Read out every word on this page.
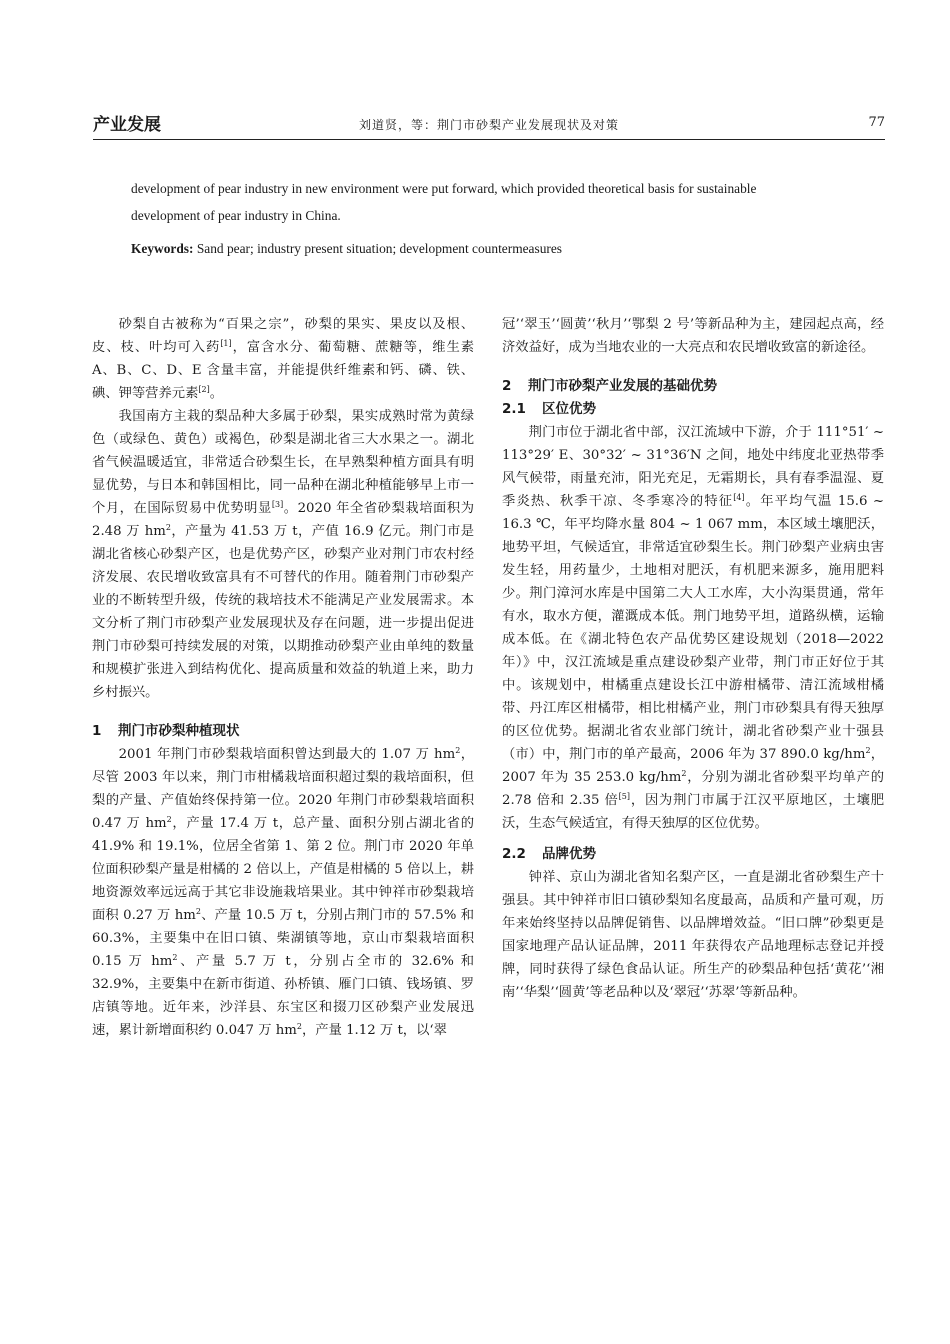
产业发展	刘道贤，等：荆门市砂梨产业发展现状及对策	77

development of pear industry in new environment were put forward, which provided theoretical basis for sustainable

development of pear industry in China.

Keywords: Sand pear; industry present situation; development countermeasures

砂梨自古被称为“百果之宗”，砂梨的果实、果皮以及根、皮、枝、叶均可入药[1]，富含水分、葡萄糖、蔗糖等，维生素 A、B、C、D、E 含量丰富，并能提供纤维素和钙、磷、铁、碘、钾等营养元素[2]。

我国南方主栽的梨品种大多属于砂梨，果实成熟时常为黄绿色（或绿色、黄色）或褐色，砂梨是湖北省三大水果之一。湖北省气候温暖适宜，非常适合砂梨生长，在早熟梨种植方面具有明显优势，与日本和韩国相比，同一品种在湖北种植能够早上市一个月，在国际贸易中优势明显[3]。2020 年全省砂梨栽培面积为 2.48 万 $hm^2$，产量为 41.53 万 t，产值 16.9 亿元。荆门市是湖北省核心砂梨产区，也是优势产区，砂梨产业对荆门市农村经济发展、农民增收致富具有不可替代的作用。随着荆门市砂梨产业的不断转型升级，传统的栽培技术不能满足产业发展需求。本文分析了荆门市砂梨产业发展现状及存在问题，进一步提出促进荆门市砂梨可持续发展的对策，以期推动砂梨产业由单纯的数量和规模扩张进入到结构优化、提高质量和效益的轨道上来，助力乡村振兴。

1 荆门市砂梨种植现状

2001 年荆门市砂梨栽培面积曾达到最大的 1.07 万 $hm^2$，尽管 2003 年以来，荆门市柑橘栽培面积超过梨的栽培面积，但梨的产量、产值始终保持第一位。2020 年荆门市砂梨栽培面积 0.47 万 $hm^2$，产量 17.4 万 t，总产量、面积分别占湖北省的 41.9% 和 19.1%，位居全省第 1、第 2 位。荆门市 2020 年单位面积砂梨产量是柑橘的 2 倍以上，产值是柑橘的 5 倍以上，耕地资源效率远远高于其它非设施栽培果业。其中钟祥市砂梨栽培面积 0.27 万 $hm^2$、产量 10.5 万 t，分别占荆门市的 57.5% 和 60.3%，主要集中在旧口镇、柴湖镇等地，京山市梨栽培面积 0.15 万 $hm^2$、产量 5.7 万 t，分别占全市的 32.6% 和 32.9%，主要集中在新市街道、孙桥镇、雁门口镇、钱场镇、罗店镇等地。近年来，沙洋县、东宝区和掇刀区砂梨产业发展迅速，累计新增面积约 0.047 万 $hm^2$，产量 1.12 万 t，以‘翠

冠’‘翠玉’‘圆黄’‘秋月’‘鄂梨 2 号’等新品种为主，建园起点高，经济效益好，成为当地农业的一大亮点和农民增收致富的新途径。

2 荆门市砂梨产业发展的基础优势
2.1 区位优势

荆门市位于湖北省中部，汉江流域中下游，介于 111°51′ ~ 113°29′ E、30°32′ ~ 31°36′N 之间，地处中纬度北亚热带季风气候带，雨量充沛，阳光充足，无霜期长，具有春季温湿、夏季炎热、秋季干凉、冬季寒冷的特征[4]。年平均气温 15.6 ~ 16.3 ℃，年平均降水量 804 ~ 1 067 mm，本区域土壤肥沃，地势平坦，气候适宜，非常适宜砂梨生长。荆门砂梨产业病虫害发生轻，用药量少，土地相对肥沃，有机肥来源多，施用肥料少。荆门漳河水库是中国第二大人工水库，大小沟渠贯通，常年有水，取水方便，灌溉成本低。荆门地势平坦，道路纵横，运输成本低。在《湖北特色农产品优势区建设规划（2018—2022 年）》中，汉江流域是重点建设砂梨产业带，荆门市正好位于其中。该规划中，柑橘重点建设长江中游柑橘带、清江流域柑橘带、丹江库区柑橘带，相比柑橘产业，荆门市砂梨具有得天独厚的区位优势。据湖北省农业部门统计，湖北省砂梨产业十强县（市）中，荆门市的单产最高，2006 年为 37 890.0 $kg/hm^2$，2007 年为 35 253.0 $kg/hm^2$，分别为湖北省砂梨平均单产的 2.78 倍和 2.35 倍[5]，因为荆门市属于江汉平原地区，土壤肥沃，生态气候适宜，有得天独厚的区位优势。

2.2 品牌优势

钟祥、京山为湖北省知名梨产区，一直是湖北省砂梨生产十强县。其中钟祥市旧口镇砂梨知名度最高，品质和产量可观，历年来始终坚持以品牌促销售、以品牌增效益。“旧口牌”砂梨更是国家地理产品认证品牌，2011 年获得农产品地理标志登记并授牌，同时获得了绿色食品认证。所生产的砂梨品种包括‘黄花’‘湘南’‘华梨’‘圆黄’等老品种以及‘翠冠’‘苏翠’等新品种。
